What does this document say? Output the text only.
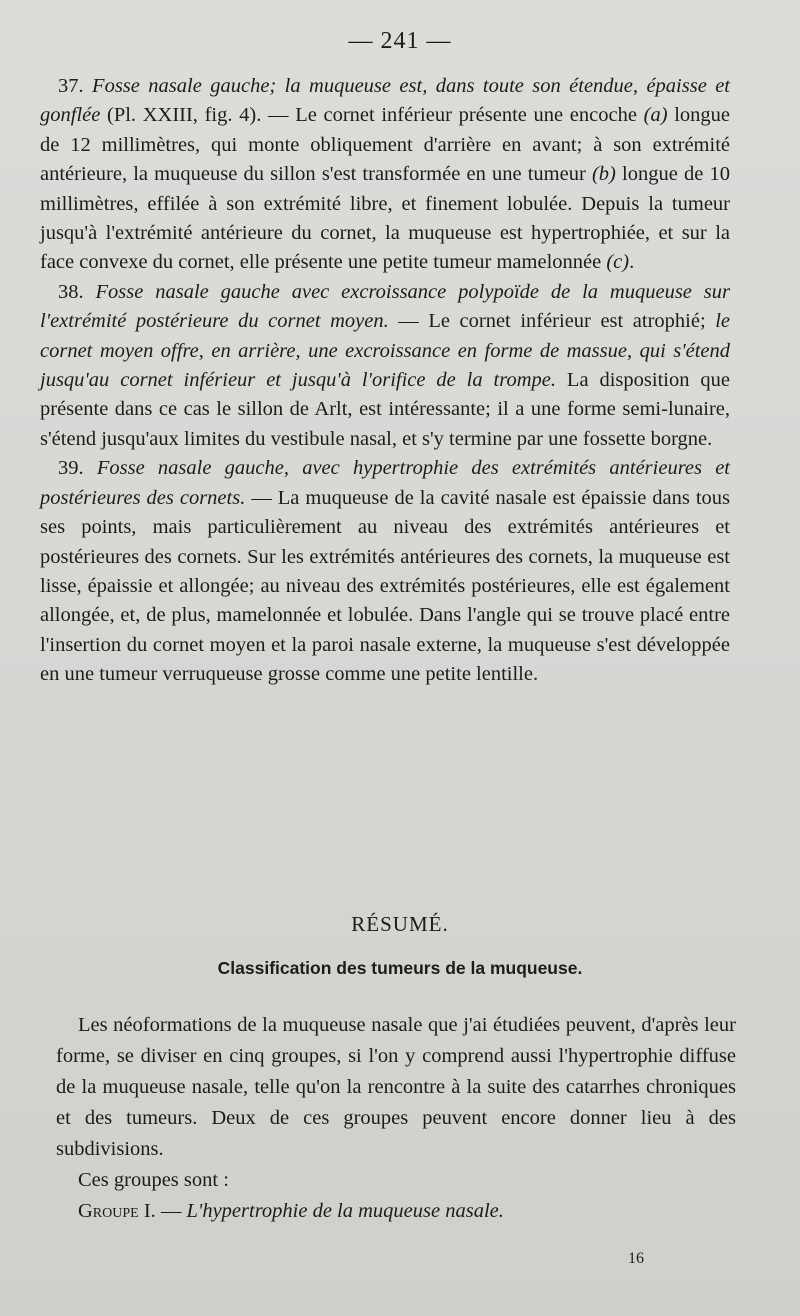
— 241 —

37. Fosse nasale gauche; la muqueuse est, dans toute son étendue, épaisse et gonflée (Pl. XXIII, fig. 4). — Le cornet inférieur présente une encoche (a) longue de 12 millimètres, qui monte obliquement d'arrière en avant; à son extrémité antérieure, la muqueuse du sillon s'est transformée en une tumeur (b) longue de 10 millimètres, effilée à son extrémité libre, et finement lobulée. Depuis la tumeur jusqu'à l'extrémité antérieure du cornet, la muqueuse est hypertrophiée, et sur la face convexe du cornet, elle présente une petite tumeur mamelonnée (c).

38. Fosse nasale gauche avec excroissance polypoïde de la muqueuse sur l'extrémité postérieure du cornet moyen. — Le cornet inférieur est atrophié; le cornet moyen offre, en arrière, une excroissance en forme de massue, qui s'étend jusqu'au cornet inférieur et jusqu'à l'orifice de la trompe. La disposition que présente dans ce cas le sillon de Arlt, est intéressante; il a une forme semi-lunaire, s'étend jusqu'aux limites du vestibule nasal, et s'y termine par une fossette borgne.

39. Fosse nasale gauche, avec hypertrophie des extrémités antérieures et postérieures des cornets. — La muqueuse de la cavité nasale est épaissie dans tous ses points, mais particulièrement au niveau des extrémités antérieures et postérieures des cornets. Sur les extrémités antérieures des cornets, la muqueuse est lisse, épaissie et allongée; au niveau des extrémités postérieures, elle est également allongée, et, de plus, mamelonnée et lobulée. Dans l'angle qui se trouve placé entre l'insertion du cornet moyen et la paroi nasale externe, la muqueuse s'est développée en une tumeur verruqueuse grosse comme une petite lentille.

RÉSUMÉ.
Classification des tumeurs de la muqueuse.

Les néoformations de la muqueuse nasale que j'ai étudiées peuvent, d'après leur forme, se diviser en cinq groupes, si l'on y comprend aussi l'hypertrophie diffuse de la muqueuse nasale, telle qu'on la rencontre à la suite des catarrhes chroniques et des tumeurs. Deux de ces groupes peuvent encore donner lieu à des subdivisions.

Ces groupes sont :

Groupe I. — L'hypertrophie de la muqueuse nasale.

16
